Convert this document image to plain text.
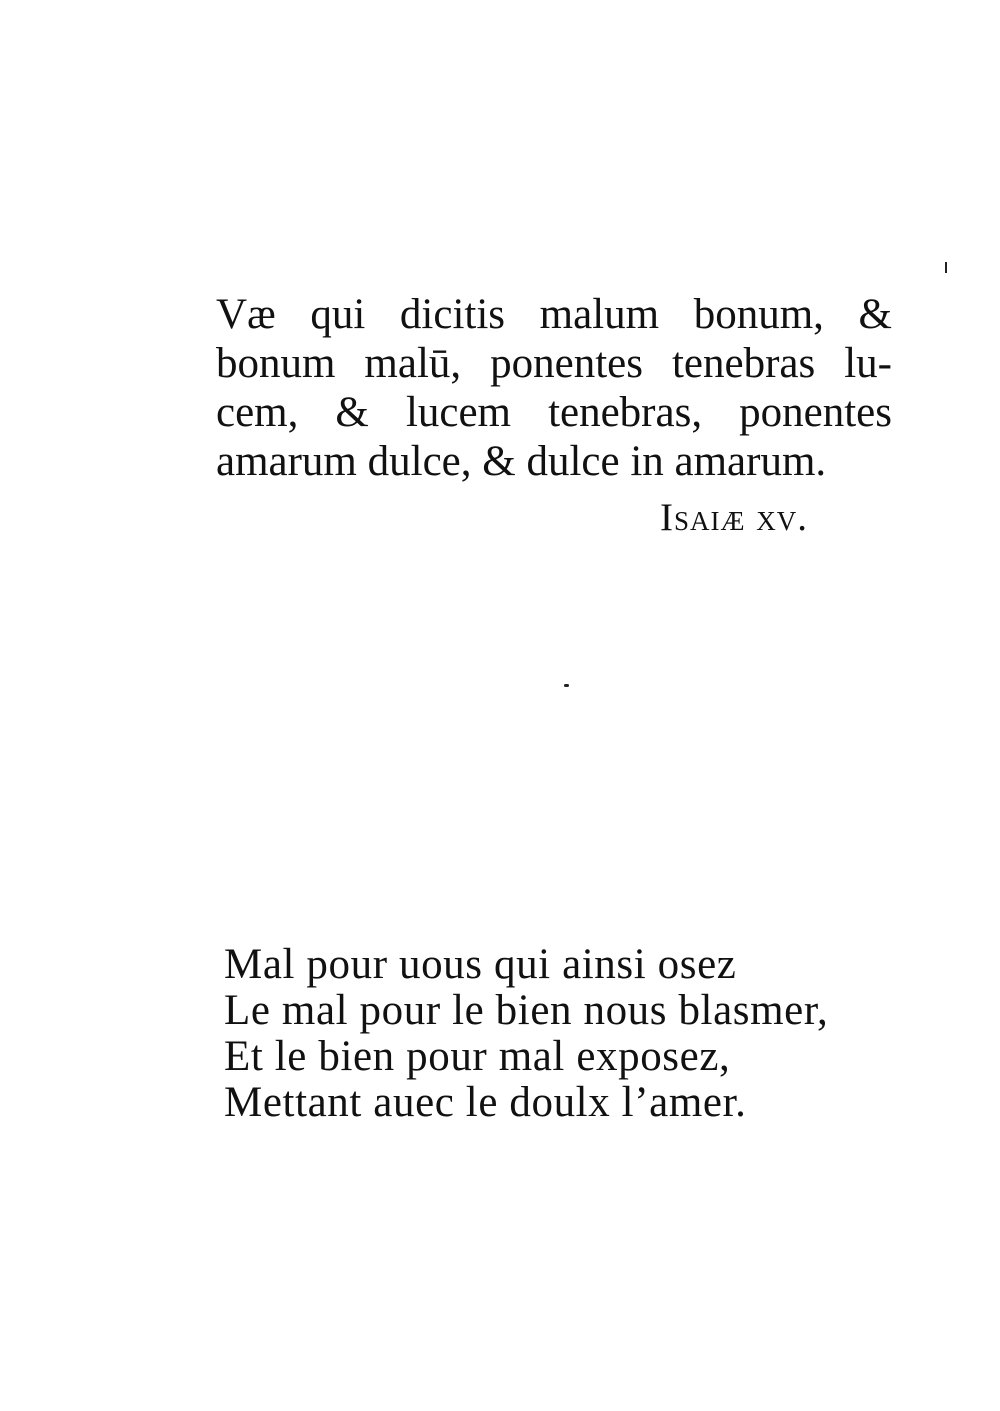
Væ qui dicitis malum bonum, &
bonum malū, ponentes tenebras lu-
cem, & lucem tenebras, ponentes
amarum dulce, & dulce in amarum.
Isaiæ xv.
Mal pour uous qui ainsi osez
Le mal pour le bien nous blasmer,
Et le bien pour mal exposez,
Mettant auec le doulx l’amer.
